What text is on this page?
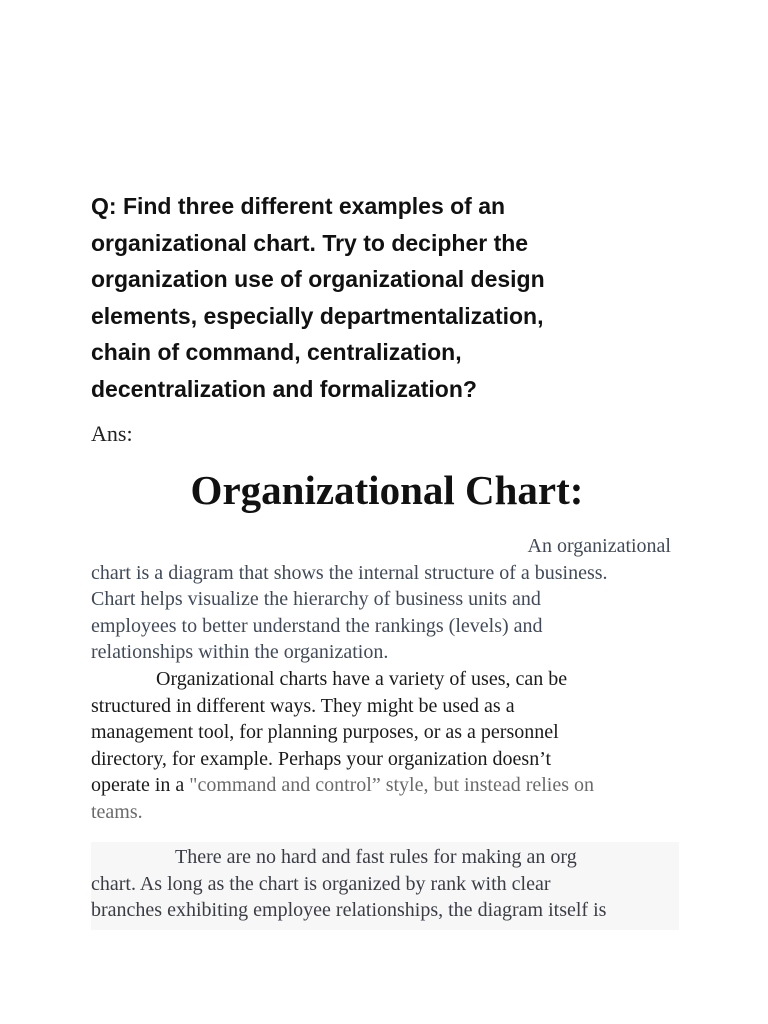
Q: Find three different examples of an
organizational chart. Try to decipher the
organization use of organizational design
elements, especially departmentalization,
chain of command, centralization,
decentralization and formalization?
Ans:
Organizational Chart:
An organizational
chart is a diagram that shows the internal structure of a business.
Chart helps visualize the hierarchy of business units and
employees to better understand the rankings (levels) and
relationships within the organization.
Organizational charts have a variety of uses, can be
structured in different ways. They might be used as a
management tool, for planning purposes, or as a personnel
directory, for example. Perhaps your organization doesn’t
operate in a "command and control” style, but instead relies on
teams.
There are no hard and fast rules for making an org
chart. As long as the chart is organized by rank with clear
branches exhibiting employee relationships, the diagram itself is
